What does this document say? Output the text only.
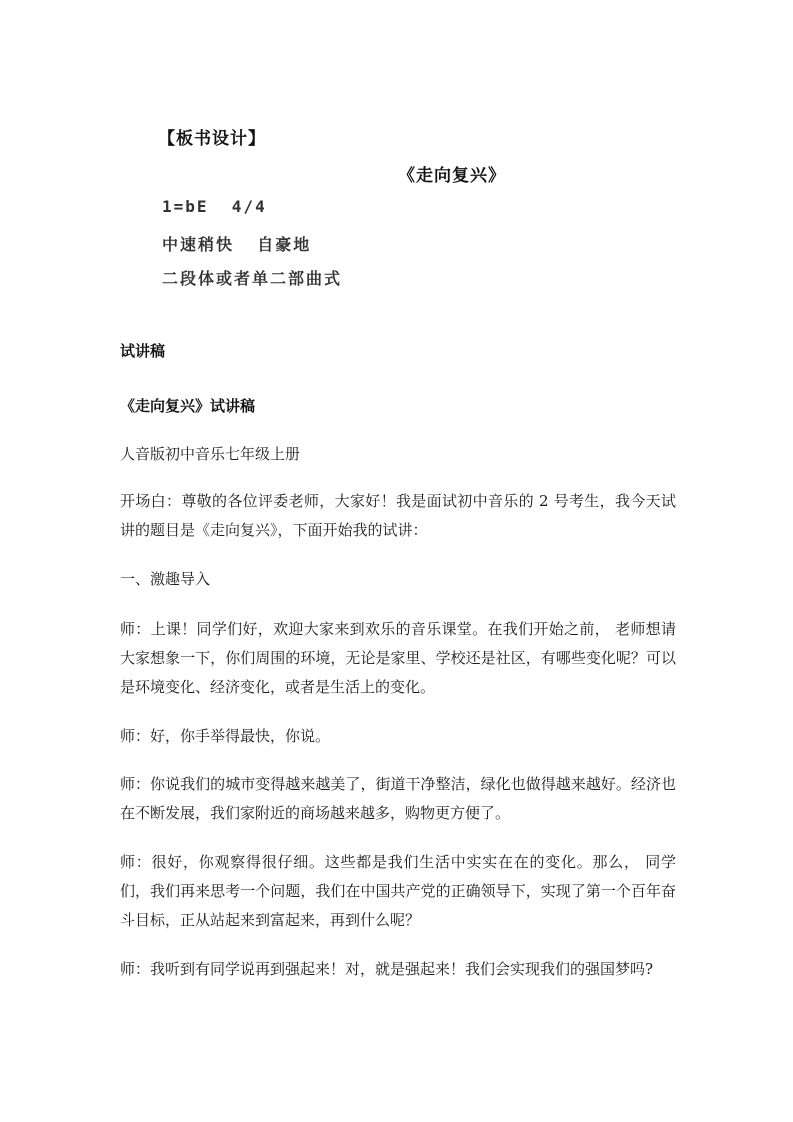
【板书设计】
《走向复兴》
1=bE  4/4
中速稍快  自豪地
二段体或者单二部曲式
试讲稿
《走向复兴》试讲稿
人音版初中音乐七年级上册
开场白：尊敬的各位评委老师，大家好！我是面试初中音乐的 2 号考生，我今天试讲的题目是《走向复兴》，下面开始我的试讲：
一、激趣导入
师：上课！同学们好，欢迎大家来到欢乐的音乐课堂。在我们开始之前， 老师想请大家想象一下，你们周围的环境，无论是家里、学校还是社区，有哪些变化呢？可以是环境变化、经济变化，或者是生活上的变化。
师：好，你手举得最快，你说。
师：你说我们的城市变得越来越美了，街道干净整洁，绿化也做得越来越好。经济也在不断发展，我们家附近的商场越来越多，购物更方便了。
师：很好，你观察得很仔细。这些都是我们生活中实实在在的变化。那么， 同学们，我们再来思考一个问题，我们在中国共产党的正确领导下，实现了第一个百年奋斗目标，正从站起来到富起来，再到什么呢？
师：我听到有同学说再到强起来！对，就是强起来！我们会实现我们的强国梦吗?
